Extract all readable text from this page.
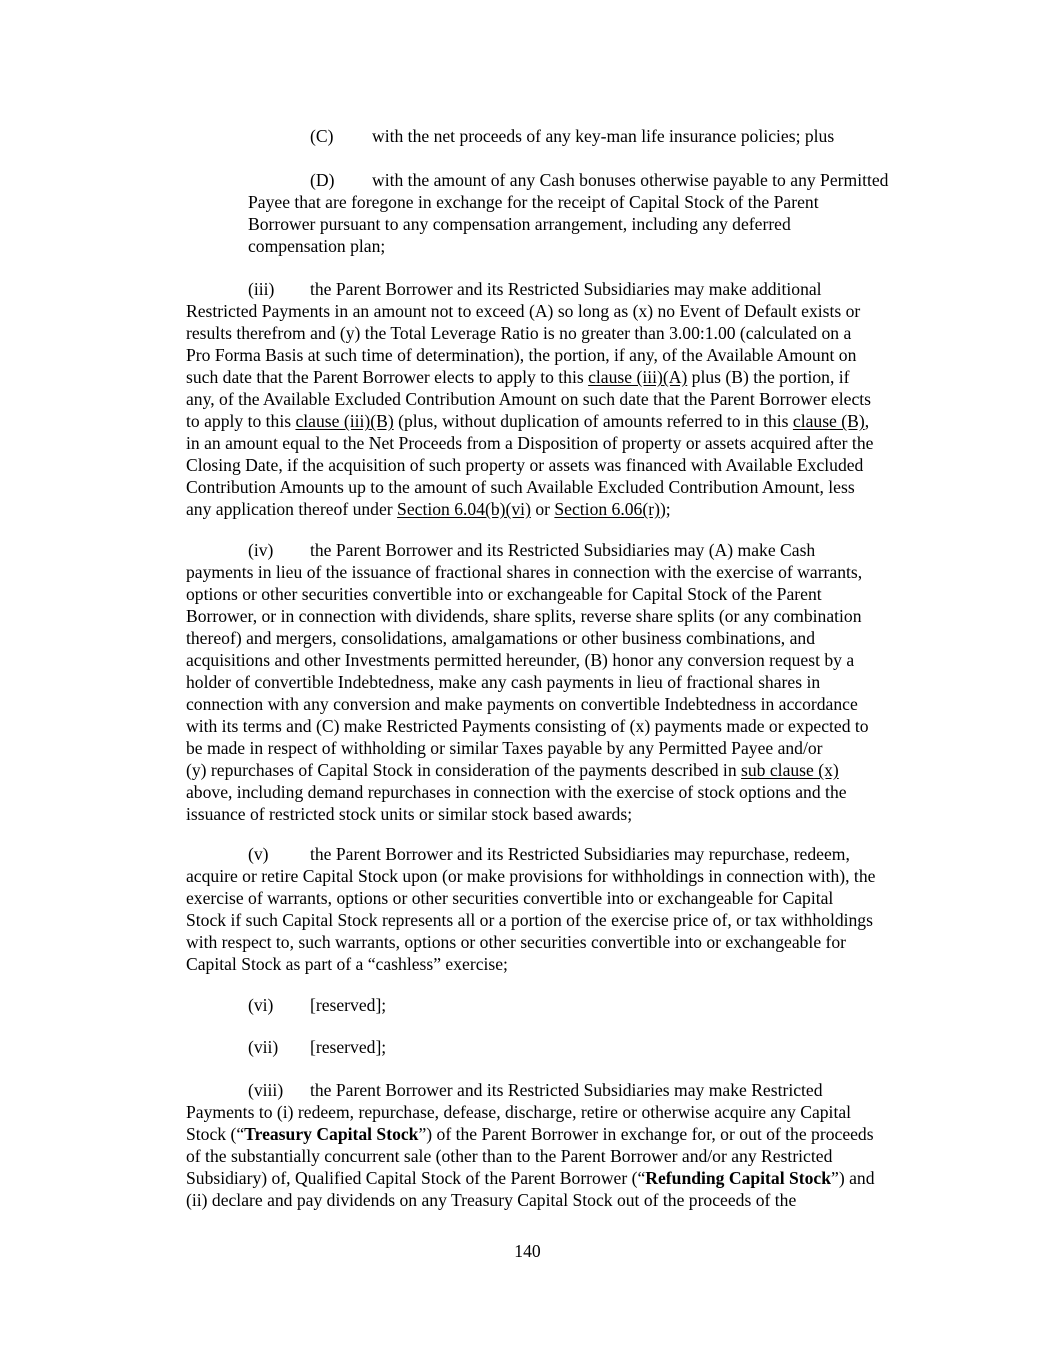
(C) with the net proceeds of any key-man life insurance policies; plus
(D) with the amount of any Cash bonuses otherwise payable to any Permitted
Payee that are foregone in exchange for the receipt of Capital Stock of the Parent
Borrower pursuant to any compensation arrangement, including any deferred
compensation plan;
(iii) the Parent Borrower and its Restricted Subsidiaries may make additional
Restricted Payments in an amount not to exceed (A) so long as (x) no Event of Default exists or
results therefrom and (y) the Total Leverage Ratio is no greater than 3.00:1.00 (calculated on a
Pro Forma Basis at such time of determination), the portion, if any, of the Available Amount on
such date that the Parent Borrower elects to apply to this clause (iii)(A) plus (B) the portion, if
any, of the Available Excluded Contribution Amount on such date that the Parent Borrower elects
to apply to this clause (iii)(B) (plus, without duplication of amounts referred to in this clause (B),
in an amount equal to the Net Proceeds from a Disposition of property or assets acquired after the
Closing Date, if the acquisition of such property or assets was financed with Available Excluded
Contribution Amounts up to the amount of such Available Excluded Contribution Amount, less
any application thereof under Section 6.04(b)(vi) or Section 6.06(r));
(iv) the Parent Borrower and its Restricted Subsidiaries may (A) make Cash
payments in lieu of the issuance of fractional shares in connection with the exercise of warrants,
options or other securities convertible into or exchangeable for Capital Stock of the Parent
Borrower, or in connection with dividends, share splits, reverse share splits (or any combination
thereof) and mergers, consolidations, amalgamations or other business combinations, and
acquisitions and other Investments permitted hereunder, (B) honor any conversion request by a
holder of convertible Indebtedness, make any cash payments in lieu of fractional shares in
connection with any conversion and make payments on convertible Indebtedness in accordance
with its terms and (C) make Restricted Payments consisting of (x) payments made or expected to
be made in respect of withholding or similar Taxes payable by any Permitted Payee and/or
(y) repurchases of Capital Stock in consideration of the payments described in sub clause (x)
above, including demand repurchases in connection with the exercise of stock options and the
issuance of restricted stock units or similar stock based awards;
(v) the Parent Borrower and its Restricted Subsidiaries may repurchase, redeem,
acquire or retire Capital Stock upon (or make provisions for withholdings in connection with), the
exercise of warrants, options or other securities convertible into or exchangeable for Capital
Stock if such Capital Stock represents all or a portion of the exercise price of, or tax withholdings
with respect to, such warrants, options or other securities convertible into or exchangeable for
Capital Stock as part of a “cashless” exercise;
(vi) [reserved];
(vii) [reserved];
(viii) the Parent Borrower and its Restricted Subsidiaries may make Restricted
Payments to (i) redeem, repurchase, defease, discharge, retire or otherwise acquire any Capital
Stock (“Treasury Capital Stock”) of the Parent Borrower in exchange for, or out of the proceeds
of the substantially concurrent sale (other than to the Parent Borrower and/or any Restricted
Subsidiary) of, Qualified Capital Stock of the Parent Borrower (“Refunding Capital Stock”) and
(ii) declare and pay dividends on any Treasury Capital Stock out of the proceeds of the
140
